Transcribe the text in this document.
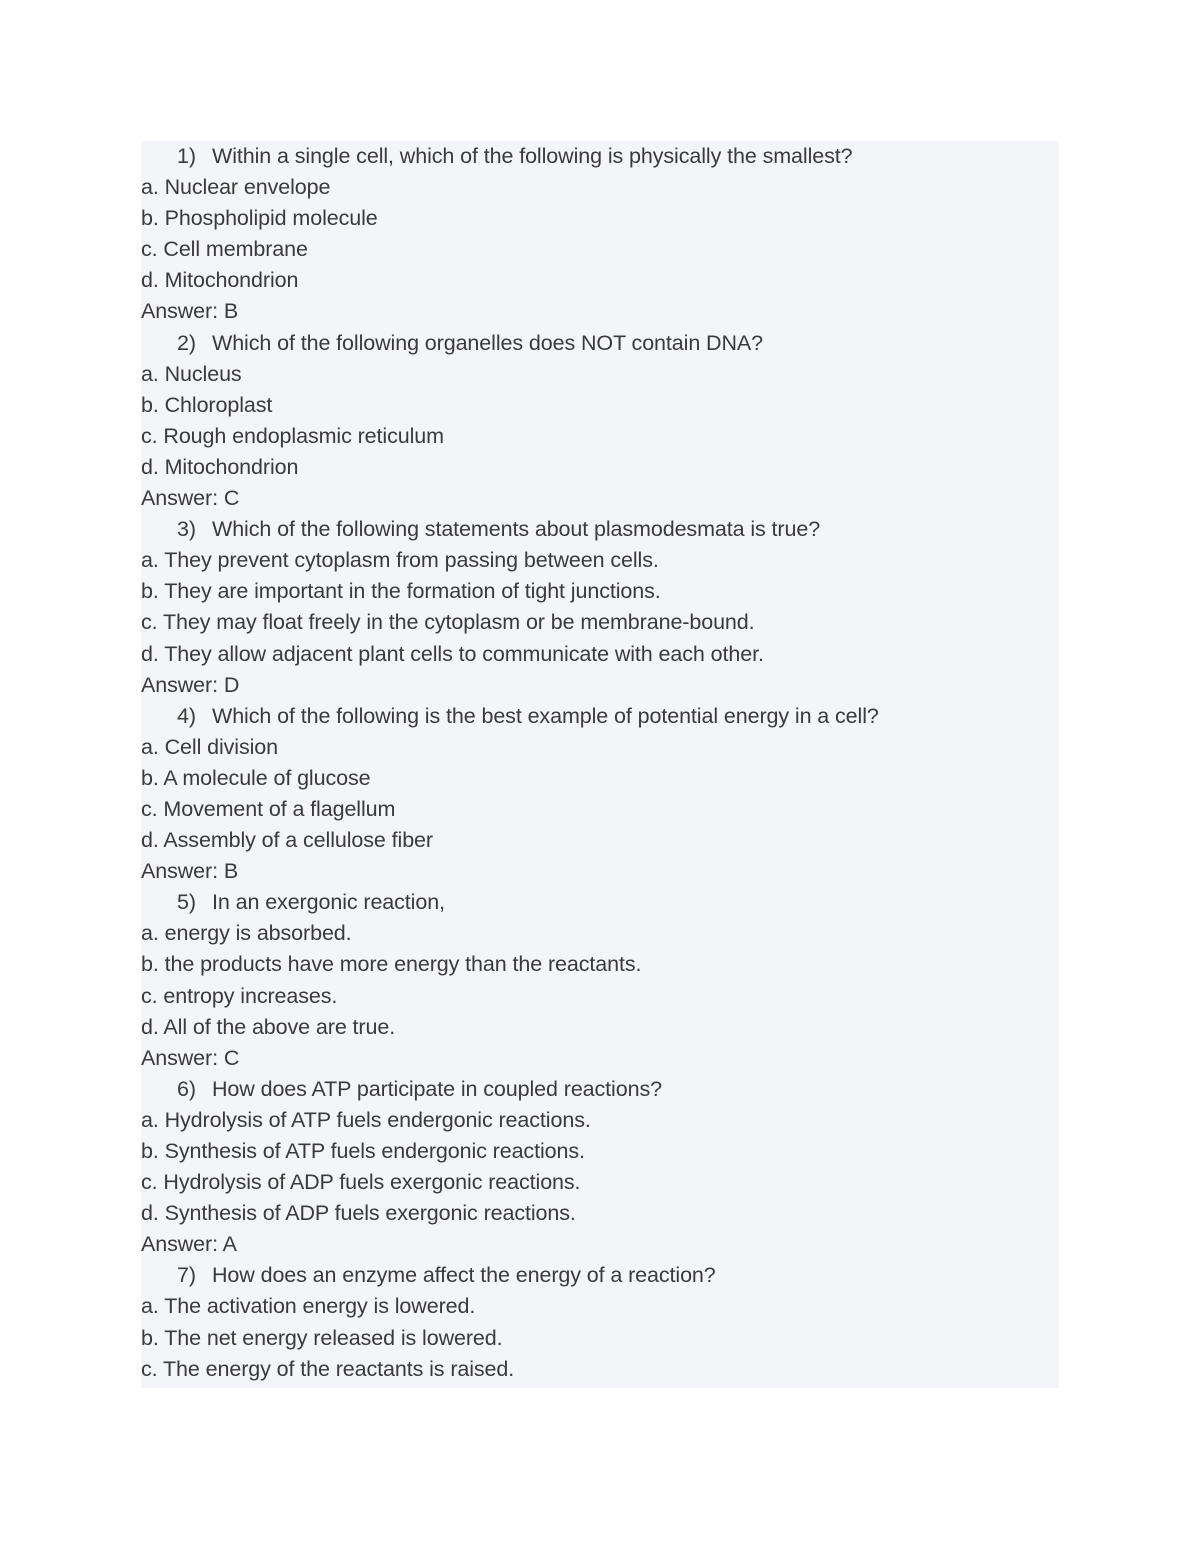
1) Within a single cell, which of the following is physically the smallest?
a. Nuclear envelope
b. Phospholipid molecule
c. Cell membrane
d. Mitochondrion
Answer: B
2) Which of the following organelles does NOT contain DNA?
a. Nucleus
b. Chloroplast
c. Rough endoplasmic reticulum
d. Mitochondrion
Answer: C
3) Which of the following statements about plasmodesmata is true?
a. They prevent cytoplasm from passing between cells.
b. They are important in the formation of tight junctions.
c. They may float freely in the cytoplasm or be membrane-bound.
d. They allow adjacent plant cells to communicate with each other.
Answer: D
4) Which of the following is the best example of potential energy in a cell?
a. Cell division
b. A molecule of glucose
c. Movement of a flagellum
d. Assembly of a cellulose fiber
Answer: B
5) In an exergonic reaction,
a. energy is absorbed.
b. the products have more energy than the reactants.
c. entropy increases.
d. All of the above are true.
Answer: C
6) How does ATP participate in coupled reactions?
a. Hydrolysis of ATP fuels endergonic reactions.
b. Synthesis of ATP fuels endergonic reactions.
c. Hydrolysis of ADP fuels exergonic reactions.
d. Synthesis of ADP fuels exergonic reactions.
Answer: A
7) How does an enzyme affect the energy of a reaction?
a. The activation energy is lowered.
b. The net energy released is lowered.
c. The energy of the reactants is raised.
